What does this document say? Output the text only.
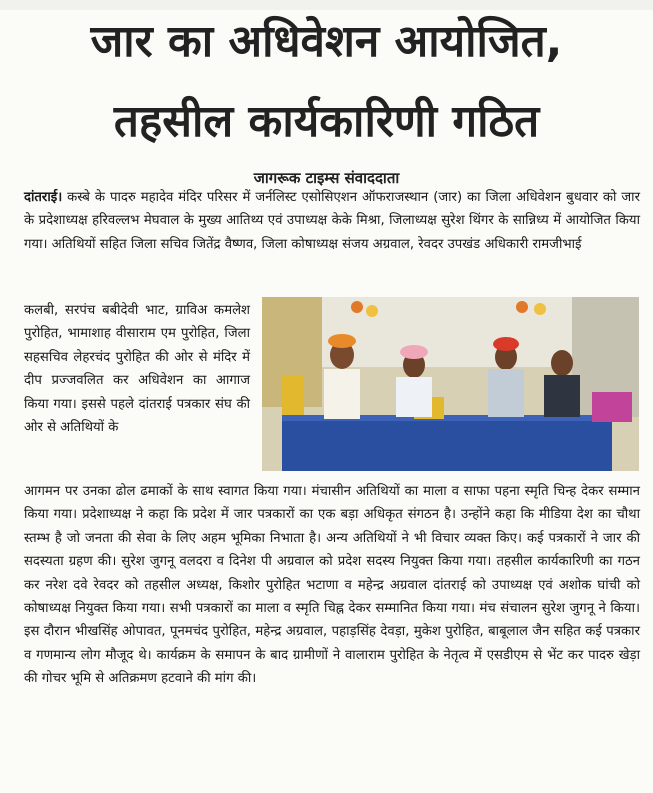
जार का अधिवेशन आयोजित,
तहसील कार्यकारिणी गठित
जागरूक टाइम्स संवाददाता
दांतराई। कस्बे के पादरु महादेव मंदिर परिसर में जर्नलिस्ट एसोसिएशन ऑफराजस्थान (जार) का जिला अधिवेशन बुधवार को जार के प्रदेशाध्यक्ष हरिवल्लभ मेघवाल के मुख्य आतिथ्य एवं उपाध्यक्ष केके मिश्रा, जिलाध्यक्ष सुरेश थिंगर के सान्निध्य में आयोजित किया गया। अतिथियों सहित जिला सचिव जितेंद्र वैष्णव, जिला कोषाध्यक्ष संजय अग्रवाल, रेवदर उपखंड अधिकारी रामजीभाई
कलबी, सरपंच बबीदेवी भाट, ग्राविअ कमलेश पुरोहित, भामाशाह वीसाराम एम पुरोहित, जिला सहसचिव लेहरचंद पुरोहित की ओर से मंदिर में दीप प्रज्जवलित कर अधिवेशन का आगाज किया गया। इससे पहले दांतराई पत्रकार संघ की ओर से अतिथियों के
आगमन पर उनका ढोल ढमाकों के साथ स्वागत किया गया। मंचासीन अतिथियों का माला व साफा पहना स्मृति चिन्ह देकर सम्मान किया गया। प्रदेशाध्यक्ष ने कहा कि प्रदेश में जार पत्रकारों का एक बड़ा अधिकृत संगठन है। उन्होंने कहा कि मीडिया देश का चौथा स्तम्भ है जो जनता की सेवा के लिए अहम भूमिका निभाता है। अन्य अतिथियों ने भी विचार व्यक्त किए। कई पत्रकारों ने जार की सदस्यता ग्रहण की। सुरेश जुगनू वलदरा व दिनेश पी अग्रवाल को प्रदेश सदस्य नियुक्त किया गया। तहसील कार्यकारिणी का गठन कर नरेश दवे रेवदर को तहसील अध्यक्ष, किशोर पुरोहित भटाणा व महेन्द्र अग्रवाल दांतराई को उपाध्यक्ष एवं अशोक घांची को कोषाध्यक्ष नियुक्त किया गया। सभी पत्रकारों का माला व स्मृति चिह्न देकर सम्मानित किया गया। मंच संचालन सुरेश जुगनू ने किया। इस दौरान भीखसिंह ओपावत, पूनमचंद पुरोहित, महेन्द्र अग्रवाल, पहाड़सिंह देवड़ा, मुकेश पुरोहित, बाबूलाल जैन सहित कई पत्रकार व गणमान्य लोग मौजूद थे। कार्यक्रम के समापन के बाद ग्रामीणों ने वालाराम पुरोहित के नेतृत्व में एसडीएम से भेंट कर पादरु खेड़ा की गोचर भूमि से अतिक्रमण हटवाने की मांग की।
